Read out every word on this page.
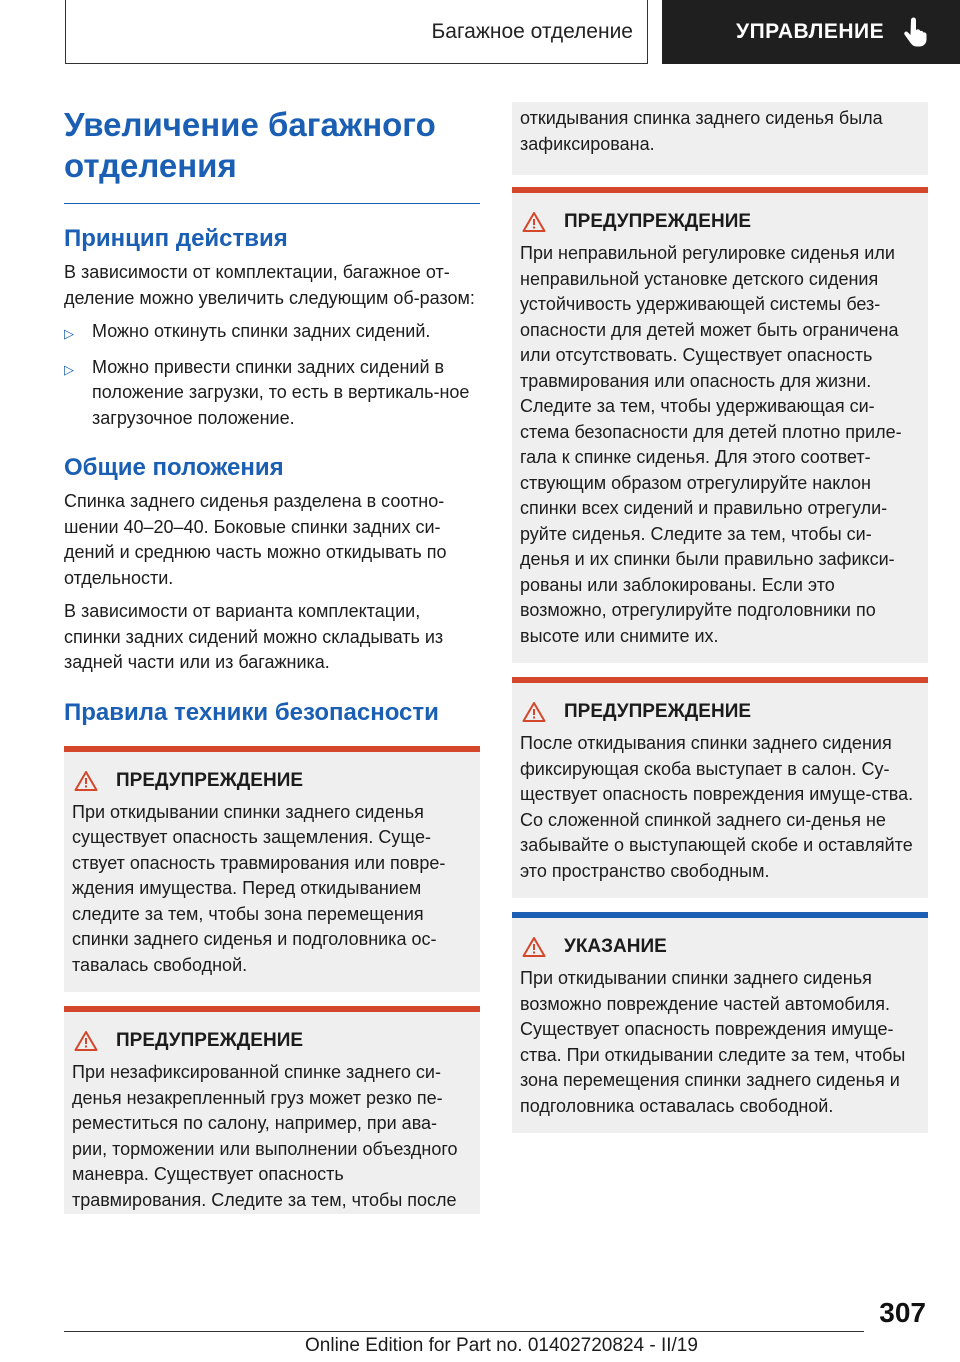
Багажное отделение	УПРАВЛЕНИЕ
Увеличение багажного отделения
Принцип действия

В зависимости от комплектации, багажное от-деление можно увеличить следующим об-разом:

▷	Можно откинуть спинки задних сидений.
▷	Можно привести спинки задних сидений в положение загрузки, то есть в вертикаль-ное загрузочное положение.
Общие положения

Спинка заднего сиденья разделена в соотно-шении 40–20–40. Боковые спинки задних си-дений и среднюю часть можно откидывать по отдельности.

В зависимости от варианта комплектации, спинки задних сидений можно складывать из задней части или из багажника.

Правила техники безопасности
ПРЕДУПРЕЖДЕНИЕ
При откидывании спинки заднего сиденья существует опасность защемления. Суще-ствует опасность травмирования или повре-ждения имущества. Перед откидыванием следите за тем, чтобы зона перемещения спинки заднего сиденья и подголовника ос-тавалась свободной.
ПРЕДУПРЕЖДЕНИЕ
При незафиксированной спинке заднего си-денья незакрепленный груз может резко пе-реместиться по салону, например, при ава-рии, торможении или выполнении объездного маневра. Существует опасность травмирования. Следите за тем, чтобы после
откидывания спинка заднего сиденья была зафиксирована.
ПРЕДУПРЕЖДЕНИЕ
При неправильной регулировке сиденья или неправильной установке детского сидения устойчивость удерживающей системы без-опасности для детей может быть ограничена или отсутствовать. Существует опасность травмирования или опасность для жизни. Следите за тем, чтобы удерживающая си-стема безопасности для детей плотно приле-гала к спинке сиденья. Для этого соответ-ствующим образом отрегулируйте наклон спинки всех сидений и правильно отрегули-руйте сиденья. Следите за тем, чтобы си-денья и их спинки были правильно зафикси-рованы или заблокированы. Если это возможно, отрегулируйте подголовники по высоте или снимите их.
ПРЕДУПРЕЖДЕНИЕ
После откидывания спинки заднего сидения фиксирующая скоба выступает в салон. Су-ществует опасность повреждения имуще-ства. Со сложенной спинкой заднего си-денья не забывайте о выступающей скобе и оставляйте это пространство свободным.
УКАЗАНИЕ
При откидывании спинки заднего сиденья возможно повреждение частей автомобиля. Существует опасность повреждения имуще-ства. При откидывании следите за тем, чтобы зона перемещения спинки заднего сиденья и подголовника оставалась свободной.
307
Online Edition for Part no. 01402720824 - II/19
